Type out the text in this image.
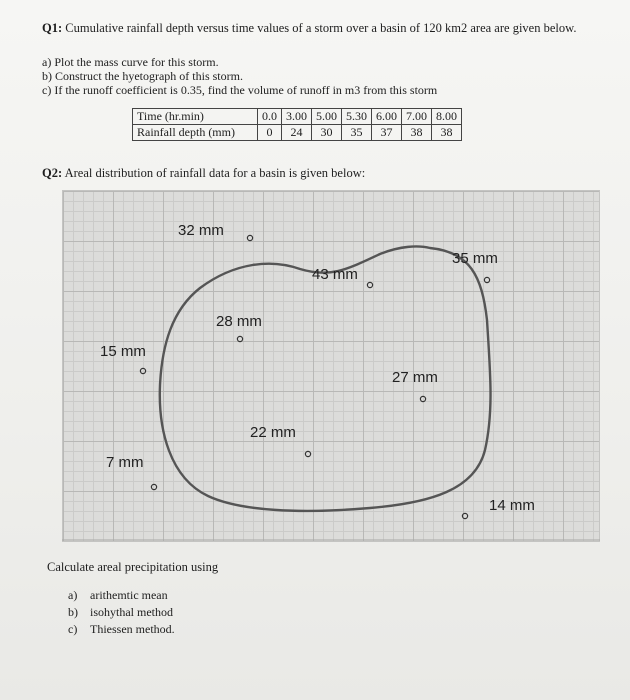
Q1: Cumulative rainfall depth versus time values of a storm over a basin of 120 km2 area are given below.
a) Plot the mass curve for this storm.
b) Construct the hyetograph of this storm.
c) If the runoff coefficient is 0.35, find the volume of runoff in m3 from this storm
Time (hr.min)	0.0	3.00	5.00	5.30	6.00	7.00	8.00
Rainfall depth (mm)	0	24	30	35	37	38	38
Q2: Areal distribution of rainfall data for a basin is given below:
32 mm
43 mm
35 mm
28 mm
15 mm
27 mm
22 mm
7 mm
14 mm
Calculate areal precipitation using
a) arithemtic mean
b) isohythal method
c) Thiessen method.
